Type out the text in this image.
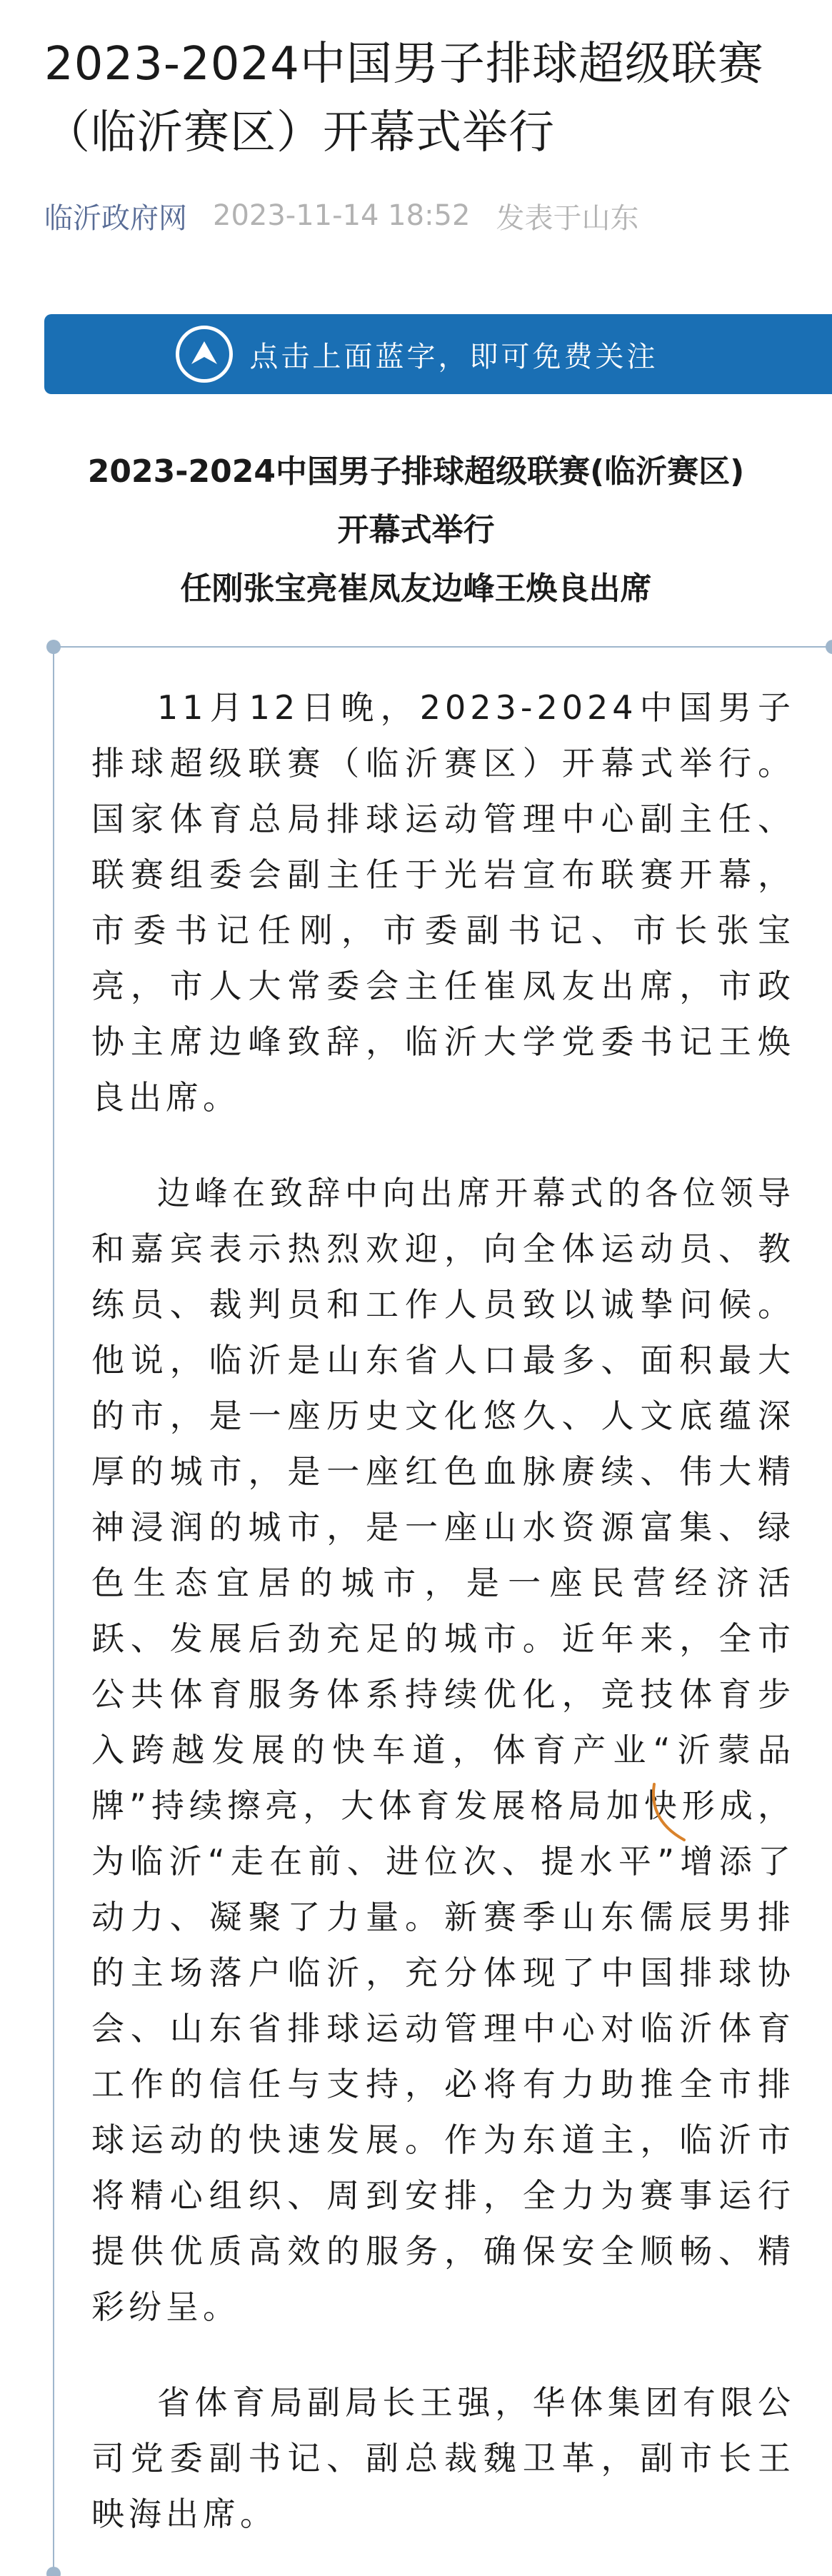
2023-2024中国男子排球超级联赛（临沂赛区）开幕式举行
临沂政府网 2023-11-14 18:52 发表于山东
点击上面蓝字，即可免费关注
2023-2024中国男子排球超级联赛(临沂赛区)
开幕式举行
任刚张宝亮崔凤友边峰王焕良出席

11月12日晚，2023-2024中国男子排球超级联赛（临沂赛区）开幕式举行。国家体育总局排球运动管理中心副主任、联赛组委会副主任于光岩宣布联赛开幕，市委书记任刚，市委副书记、市长张宝亮，市人大常委会主任崔凤友出席，市政协主席边峰致辞，临沂大学党委书记王焕良出席。

边峰在致辞中向出席开幕式的各位领导和嘉宾表示热烈欢迎，向全体运动员、教练员、裁判员和工作人员致以诚挚问候。他说，临沂是山东省人口最多、面积最大的市，是一座历史文化悠久、人文底蕴深厚的城市，是一座红色血脉赓续、伟大精神浸润的城市，是一座山水资源富集、绿色生态宜居的城市，是一座民营经济活跃、发展后劲充足的城市。近年来，全市公共体育服务体系持续优化，竞技体育步入跨越发展的快车道，体育产业“沂蒙品牌”持续擦亮，大体育发展格局加快形成，为临沂“走在前、进位次、提水平”增添了动力、凝聚了力量。新赛季山东儒辰男排的主场落户临沂，充分体现了中国排球协会、山东省排球运动管理中心对临沂体育工作的信任与支持，必将有力助推全市排球运动的快速发展。作为东道主，临沂市将精心组织、周到安排，全力为赛事运行提供优质高效的服务，确保安全顺畅、精彩纷呈。

省体育局副局长王强，华体集团有限公司党委副书记、副总裁魏卫革，副市长王映海出席。
